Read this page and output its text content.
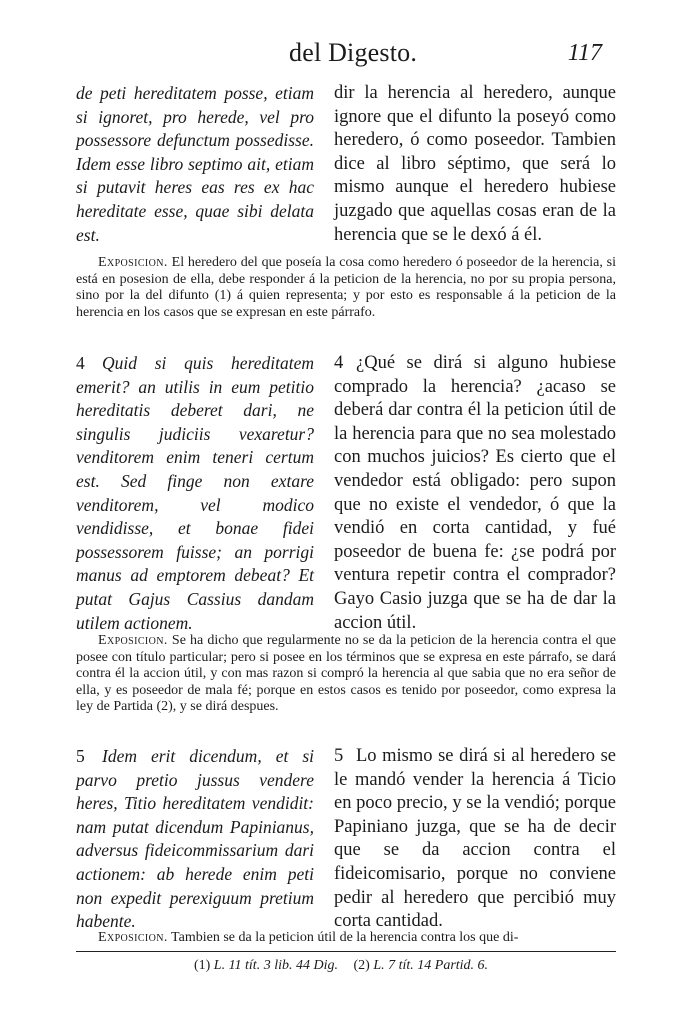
del Digesto.	117
de peti hereditatem posse, etiam si ignoret, pro herede, vel pro possessore defunctum possedisse. Idem esse libro septimo ait, etiam si putavit heres eas res ex hac hereditate esse, quae sibi delata est.
dir la herencia al heredero, aunque ignore que el difunto la poseyó como heredero, ó como poseedor. Tambien dice al libro séptimo, que será lo mismo aunque el heredero hubiese juzgado que aquellas cosas eran de la herencia que se le dexó á él.

Exposicion. El heredero del que poseía la cosa como heredero ó poseedor de la herencia, si está en posesion de ella, debe responder á la peticion de la herencia, no por su propia persona, sino por la del difunto (1) á quien representa; y por esto es responsable á la peticion de la herencia en los casos que se expresan en este párrafo.

4 Quid si quis hereditatem emerit? an utilis in eum petitio hereditatis deberet dari, ne singulis judiciis vexaretur? venditorem enim teneri certum est. Sed finge non extare venditorem, vel modico vendidisse, et bonae fidei possessorem fuisse; an porrigi manus ad emptorem debeat? Et putat Gajus Cassius dandam utilem actionem.
4 ¿Qué se dirá si alguno hubiese comprado la herencia? ¿acaso se deberá dar contra él la peticion útil de la herencia para que no sea molestado con muchos juicios? Es cierto que el vendedor está obligado: pero supon que no existe el vendedor, ó que la vendió en corta cantidad, y fué poseedor de buena fe: ¿se podrá por ventura repetir contra el comprador? Gayo Casio juzga que se ha de dar la accion útil.

Exposicion. Se ha dicho que regularmente no se da la peticion de la herencia contra el que posee con título particular; pero si posee en los términos que se expresa en este párrafo, se dará contra él la accion útil, y con mas razon si compró la herencia al que sabia que no era señor de ella, y es poseedor de mala fé; porque en estos casos es tenido por poseedor, como expresa la ley de Partida (2), y se dirá despues.

5 Idem erit dicendum, et si parvo pretio jussus vendere heres, Titio hereditatem vendidit: nam putat dicendum Papinianus, adversus fideicommissarium dari actionem: ab herede enim peti non expedit perexiguum pretium habente.
5 Lo mismo se dirá si al heredero se le mandó vender la herencia á Ticio en poco precio, y se la vendió; porque Papiniano juzga, que se ha de decir que se da accion contra el fideicomisario, porque no conviene pedir al heredero que percibió muy corta cantidad.

Exposicion. Tambien se da la peticion útil de la herencia contra los que di-

(1) L. 11 tít. 3 lib. 44 Dig. (2) L. 7 tít. 14 Partid. 6.
